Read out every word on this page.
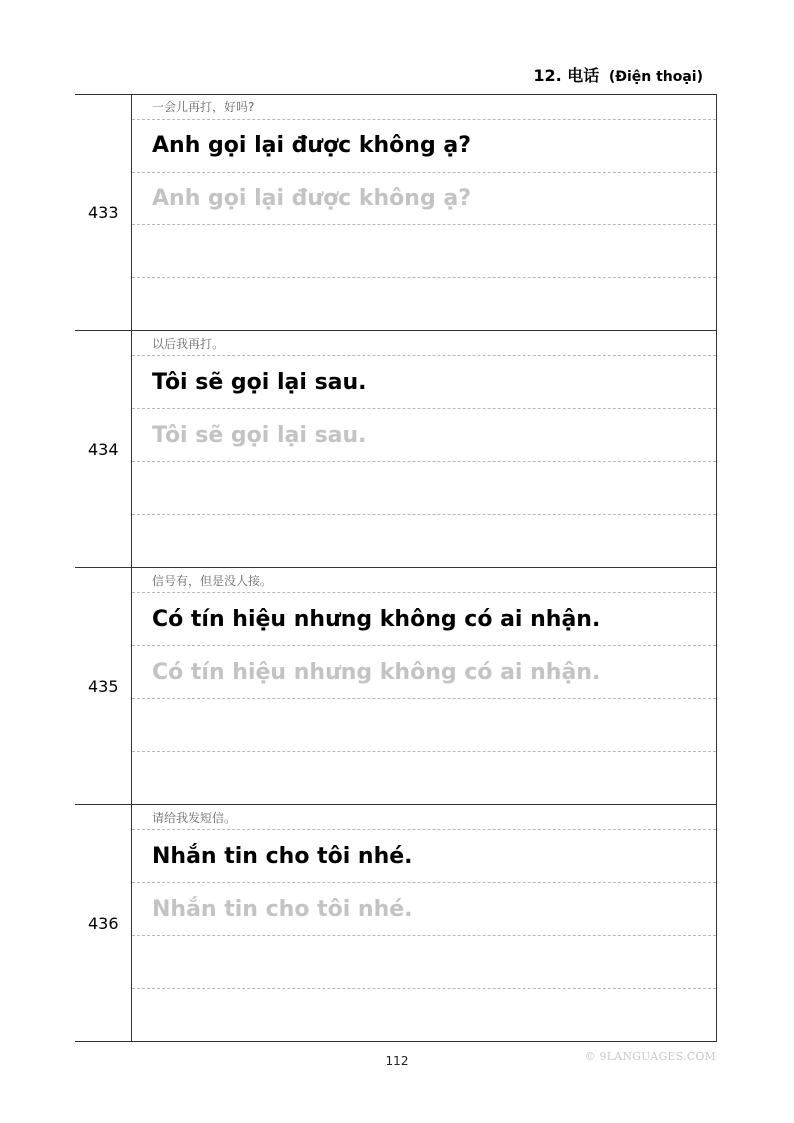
12. 电话 (Điện thoại)
433
一会儿再打，好吗?
Anh gọi lại được không ạ?
Anh gọi lại được không ạ?
434
以后我再打。
Tôi sẽ gọi lại sau.
Tôi sẽ gọi lại sau.
435
信号有，但是没人接。
Có tín hiệu nhưng không có ai nhận.
Có tín hiệu nhưng không có ai nhận.
436
请给我发短信。
Nhắn tin cho tôi nhé.
Nhắn tin cho tôi nhé.
112	© 9LANGUAGES.COM
